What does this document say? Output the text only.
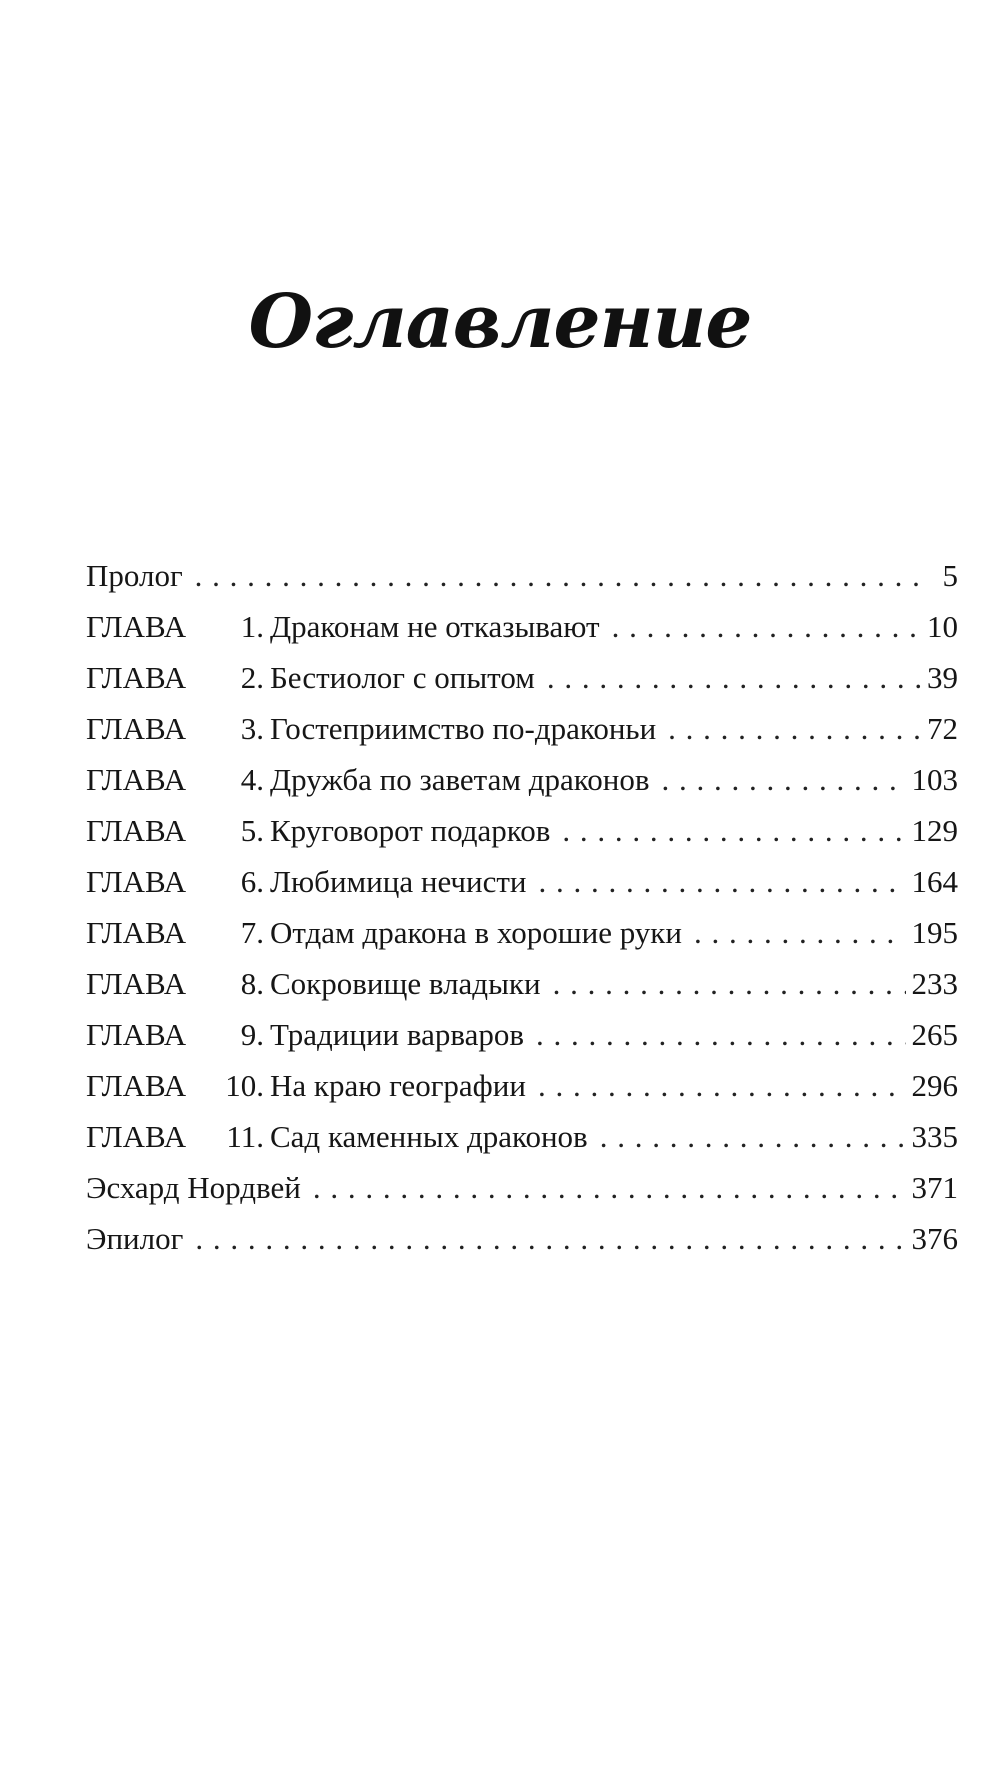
Оглавление
Пролог . . .	5
ГЛАВА 1. Драконам не отказывают . . .	10
ГЛАВА 2. Бестиолог с опытом . . .	39
ГЛАВА 3. Гостеприимство по-драконьи . . .	72
ГЛАВА 4. Дружба по заветам драконов . . .	103
ГЛАВА 5. Круговорот подарков . . .	129
ГЛАВА 6. Любимица нечисти . . .	164
ГЛАВА 7. Отдам дракона в хорошие руки . . .	195
ГЛАВА 8. Сокровище владыки . . .	233
ГЛАВА 9. Традиции варваров . . .	265
ГЛАВА 10. На краю географии . . .	296
ГЛАВА 11. Сад каменных драконов . . .	335
Эсхард Нордвей . . .	371
Эпилог . . .	376
